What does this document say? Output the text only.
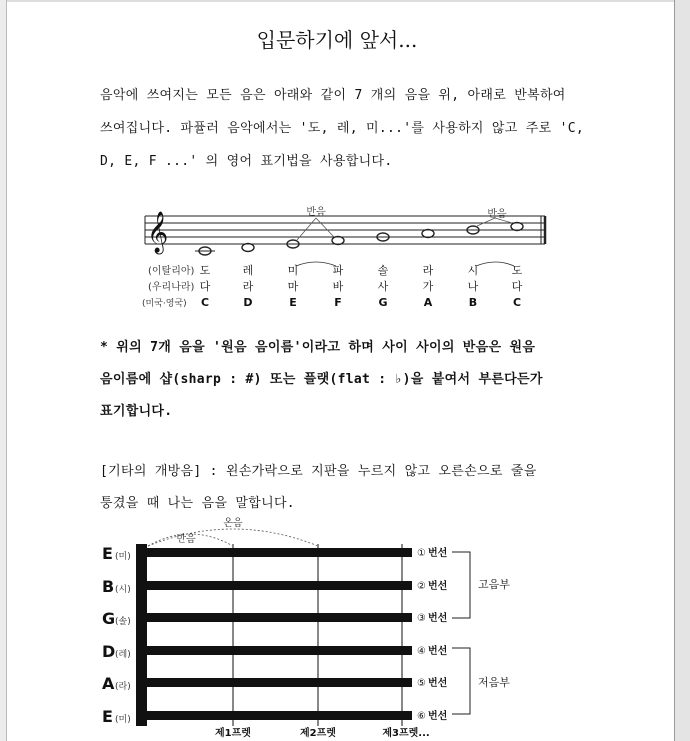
입문하기에 앞서...
음악에 쓰여지는 모든 음은 아래와 같이 7 개의 음을 위, 아래로 반복하여
쓰여집니다. 파퓰러 음악에서는 '도, 레, 미...'를 사용하지 않고 주로 'C,
D, E, F ...' 의 영어 표기법을 사용합니다.
𝄞	반음	반음
(이탈리아)
(우리나라)
(미국·영국)
도	레	미	파	솔	라	시	도
다	라	마	바	사	가	나	다
C	D	E	F	G	A	B	C
* 위의 7개 음을 '원음 음이름'이라고 하며 사이 사이의 반음은 원음
음이름에 샵(sharp : #) 또는 플랫(flat : ♭)을 붙여서 부른다든가
표기합니다.
[기타의 개방음] : 왼손가락으로 지판을 누르지 않고 오른손으로 줄을
퉁겼을 때 나는 음을 말합니다.
온음
반음
E
B
G
D
A
E
(미)
(시)
(솔)
(레)
(라)
(미)
①
②
③
④
⑤
⑥
번선
번선
번선
번선
번선
번선
고음부
저음부
제1프렛	제2프렛	제3프렛...
